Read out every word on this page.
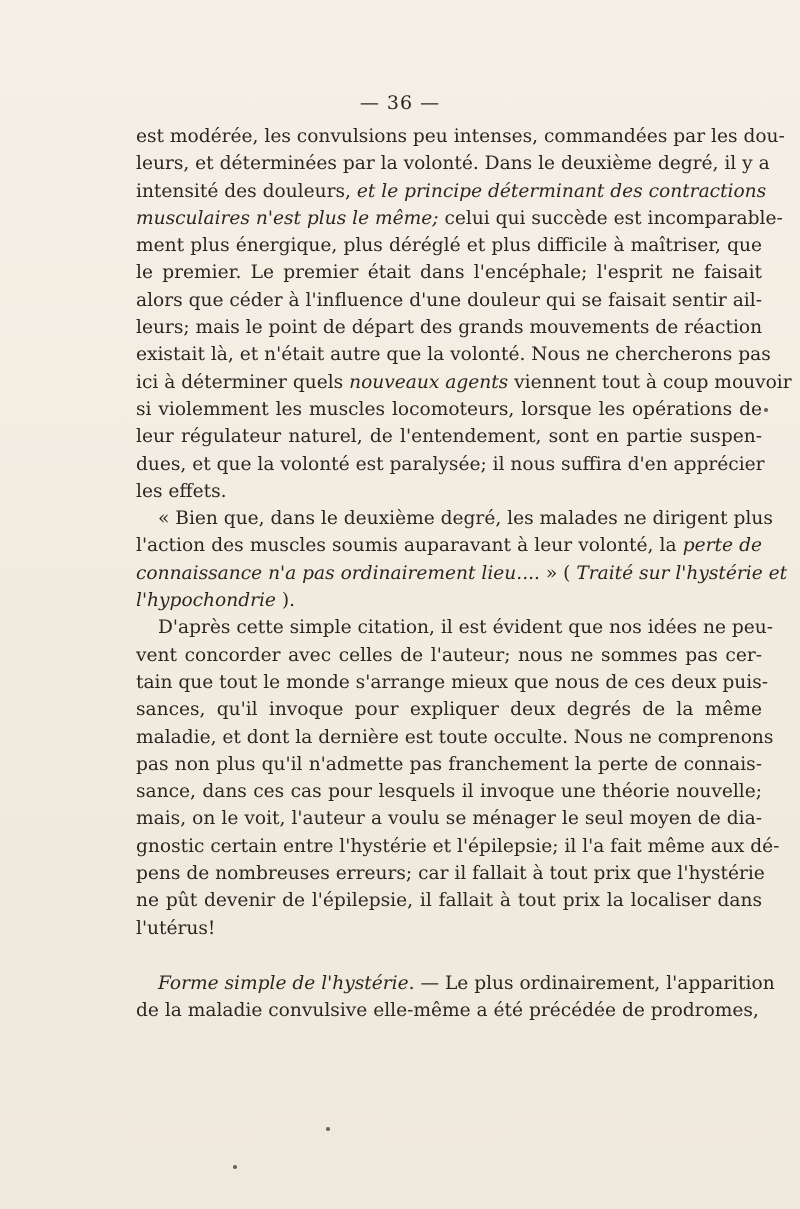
— 36 —
est modérée, les convulsions peu intenses, commandées par les dou-
leurs, et déterminées par la volonté. Dans le deuxième degré, il y a
intensité des douleurs, et le principe déterminant des contractions
musculaires n'est plus le même; celui qui succède est incomparable-
ment plus énergique, plus déréglé et plus difficile à maîtriser, que
le premier. Le premier était dans l'encéphale; l'esprit ne faisait
alors que céder à l'influence d'une douleur qui se faisait sentir ail-
leurs; mais le point de départ des grands mouvements de réaction
existait là, et n'était autre que la volonté. Nous ne chercherons pas
ici à déterminer quels nouveaux agents viennent tout à coup mouvoir
si violemment les muscles locomoteurs, lorsque les opérations de
leur régulateur naturel, de l'entendement, sont en partie suspen-
dues, et que la volonté est paralysée; il nous suffira d'en apprécier
les effets.
« Bien que, dans le deuxième degré, les malades ne dirigent plus
l'action des muscles soumis auparavant à leur volonté, la perte de
connaissance n'a pas ordinairement lieu.... » ( Traité sur l'hystérie et
l'hypochondrie ).
D'après cette simple citation, il est évident que nos idées ne peu-
vent concorder avec celles de l'auteur; nous ne sommes pas cer-
tain que tout le monde s'arrange mieux que nous de ces deux puis-
sances, qu'il invoque pour expliquer deux degrés de la même
maladie, et dont la dernière est toute occulte. Nous ne comprenons
pas non plus qu'il n'admette pas franchement la perte de connais-
sance, dans ces cas pour lesquels il invoque une théorie nouvelle;
mais, on le voit, l'auteur a voulu se ménager le seul moyen de dia-
gnostic certain entre l'hystérie et l'épilepsie; il l'a fait même aux dé-
pens de nombreuses erreurs; car il fallait à tout prix que l'hystérie
ne pût devenir de l'épilepsie, il fallait à tout prix la localiser dans
l'utérus!
Forme simple de l'hystérie. — Le plus ordinairement, l'apparition
de la maladie convulsive elle-même a été précédée de prodromes,
